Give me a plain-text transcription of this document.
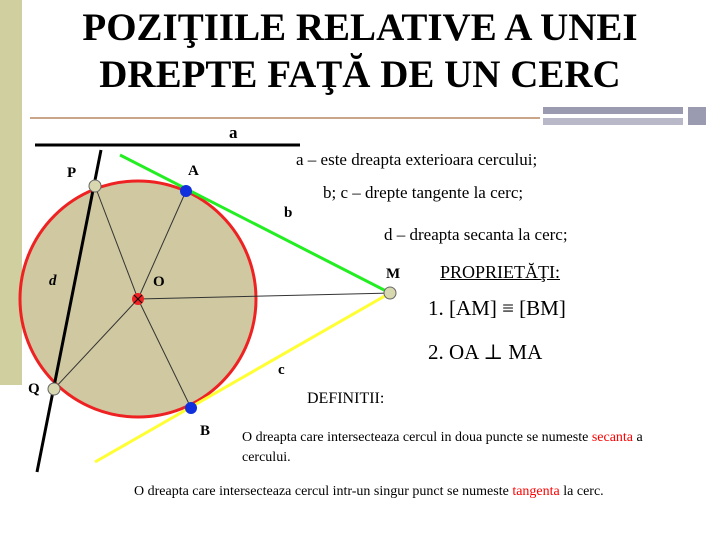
POZIŢIILE RELATIVE A UNEI
DREPTE FAŢĂ DE UN CERC
a
P	A
b
d	O	M
c
Q
B
a – este dreapta exterioara cercului;
b; c – drepte tangente la cerc;
d – dreapta secanta la cerc;
PROPRIETĂŢI:
1. [AM] ≡ [BM]
2. OA ⊥ MA
DEFINITII:
O dreapta care intersecteaza cercul in doua puncte se numeste secanta a cercului.
O dreapta care intersecteaza cercul intr-un singur punct se numeste tangenta la cerc.
